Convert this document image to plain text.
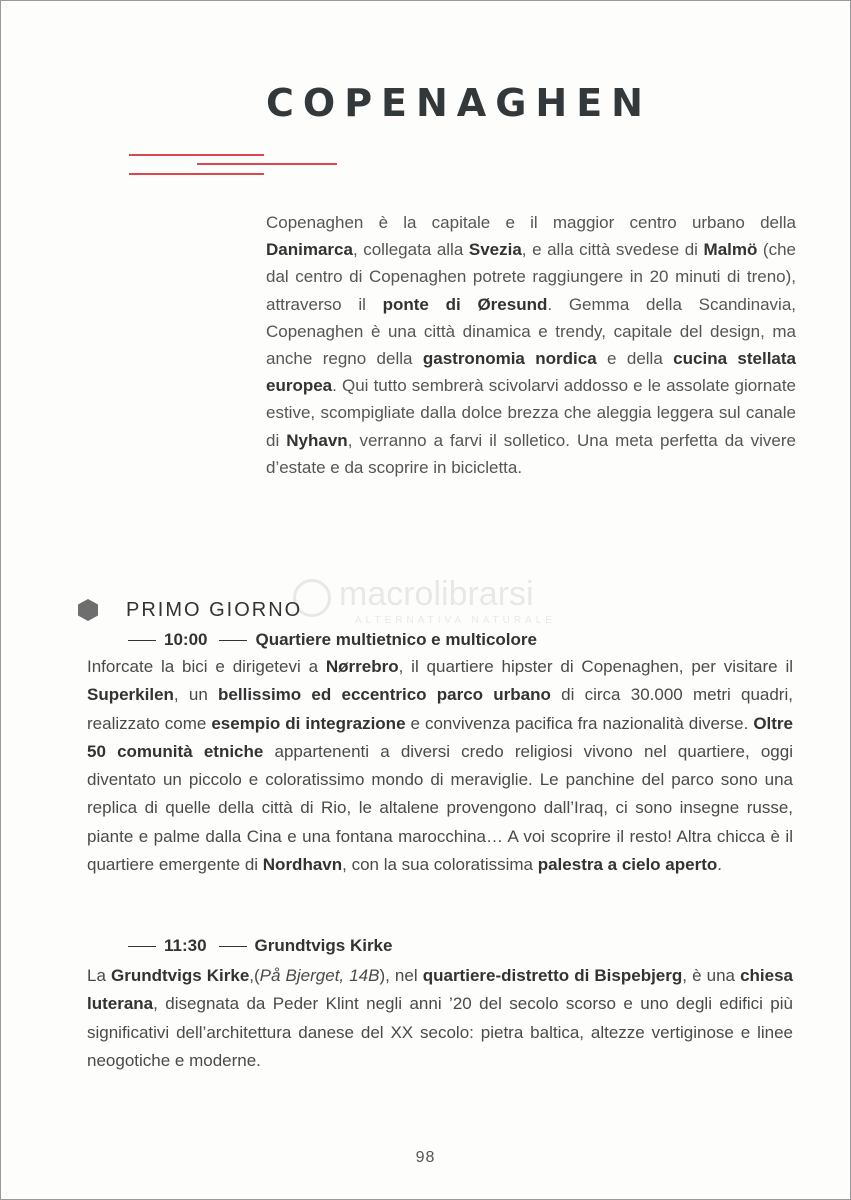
COPENAGHEN

Copenaghen è la capitale e il maggior centro urbano della Danimarca, collegata alla Svezia, e alla città svedese di Malmö (che dal centro di Copenaghen potrete raggiungere in 20 minuti di treno), attraverso il ponte di Øresund. Gemma della Scandinavia, Copenaghen è una città dinamica e trendy, capitale del design, ma anche regno della gastronomia nordica e della cucina stellata europea. Qui tutto sembrerà scivolarvi addosso e le assolate giornate estive, scompigliate dalla dolce brezza che aleggia leggera sul canale di Nyhavn, verranno a farvi il solletico. Una meta perfetta da vivere d’estate e da scoprire in bicicletta.

macrolibrarsi
ALTERNATIVA NATURALE
PRIMO GIORNO
10:00	Quartiere multietnico e multicolore

Inforcate la bici e dirigetevi a Nørrebro, il quartiere hipster di Copenaghen, per visitare il Superkilen, un bellissimo ed eccentrico parco urbano di circa 30.000 metri quadri, realizzato come esempio di integrazione e convivenza pacifica fra nazionalità diverse. Oltre 50 comunità etniche appartenenti a diversi credo religiosi vivono nel quartiere, oggi diventato un piccolo e coloratissimo mondo di meraviglie. Le panchine del parco sono una replica di quelle della città di Rio, le altalene provengono dall’Iraq, ci sono insegne russe, piante e palme dalla Cina e una fontana marocchina… A voi scoprire il resto! Altra chicca è il quartiere emergente di Nordhavn, con la sua coloratissima palestra a cielo aperto.

11:30	Grundtvigs Kirke

La Grundtvigs Kirke,(På Bjerget, 14B), nel quartiere-distretto di Bispebjerg, è una chiesa luterana, disegnata da Peder Klint negli anni ’20 del secolo scorso e uno degli edifici più significativi dell’architettura danese del XX secolo: pietra baltica, altezze vertiginose e linee neogotiche e moderne.

98
